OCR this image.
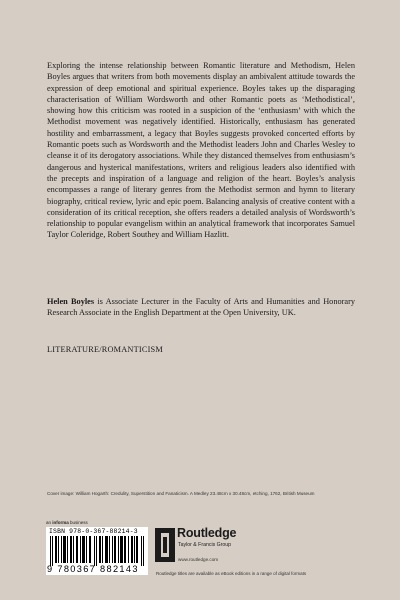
Exploring the intense relationship between Romantic literature and Methodism, Helen Boyles argues that writers from both movements display an ambivalent attitude towards the expression of deep emotional and spiritual experience. Boyles takes up the disparaging characterisation of William Wordsworth and other Romantic poets as ‘Methodistical’, showing how this criticism was rooted in a suspicion of the ‘enthusiasm’ with which the Methodist movement was negatively identified. Historically, enthusiasm has generated hostility and embarrassment, a legacy that Boyles suggests provoked concerted efforts by Romantic poets such as Wordsworth and the Methodist leaders John and Charles Wesley to cleanse it of its derogatory associations. While they distanced themselves from enthusiasm’s dangerous and hysterical manifestations, writers and religious leaders also identified with the precepts and inspiration of a language and religion of the heart. Boyles’s analysis encompasses a range of literary genres from the Methodist sermon and hymn to literary biography, critical review, lyric and epic poem. Balancing analysis of creative content with a consideration of its critical reception, she offers readers a detailed analysis of Wordsworth’s relationship to popular evangelism within an analytical framework that incorporates Samuel Taylor Coleridge, Robert Southey and William Hazlitt.

Helen Boyles is Associate Lecturer in the Faculty of Arts and Humanities and Honorary Research Associate in the English Department at the Open University, UK.

LITERATURE/ROMANTICISM
Cover image: William Hogarth: Credulity, Superstition and Fanaticism. A Medley 23.48cm x 30.48cm, etching, 1762, British Museum
an informa business
ISBN 978-0-367-88214-3
9 780367 882143
Routledge
Taylor & Francis Group
www.routledge.com
Routledge titles are available as eBook editions in a range of digital formats
